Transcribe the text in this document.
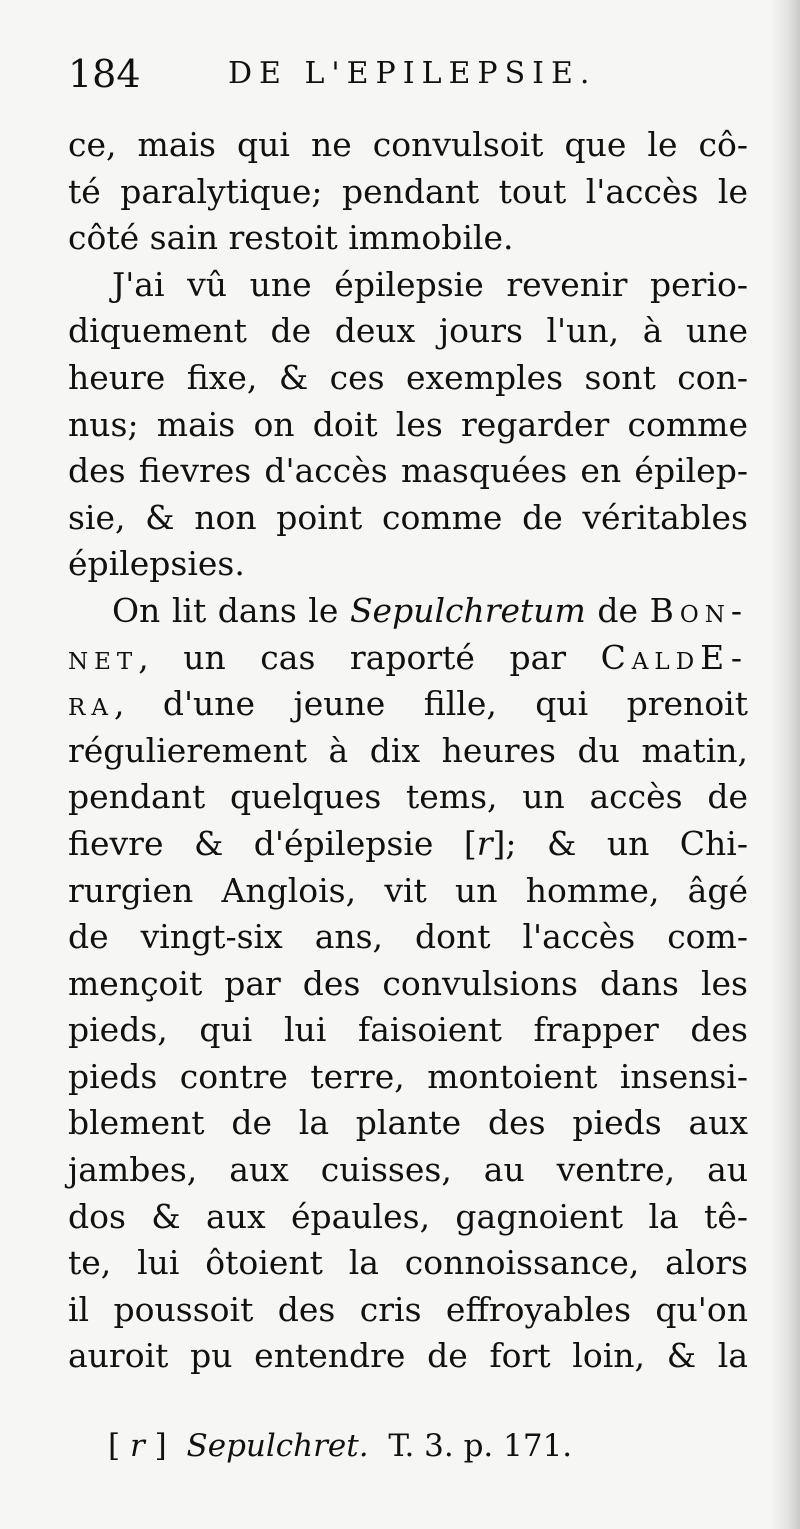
184	DE L'EPILEPSIE.
ce, mais qui ne convulsoit que le cô-
té paralytique; pendant tout l'accès le
côté sain restoit immobile.
J'ai vû une épilepsie revenir perio-
diquement de deux jours l'un, à une
heure fixe, & ces exemples sont con-
nus; mais on doit les regarder comme
des fievres d'accès masquées en épilep-
sie, & non point comme de véritables
épilepsies.
On lit dans le Sepulchretum de Bon-
net, un cas raporté par CaldE-
ra, d'une jeune fille, qui prenoit
régulierement à dix heures du matin,
pendant quelques tems, un accès de
fievre & d'épilepsie [r]; & un Chi-
rurgien Anglois, vit un homme, âgé
de vingt-six ans, dont l'accès com-
mençoit par des convulsions dans les
pieds, qui lui faisoient frapper des
pieds contre terre, montoient insensi-
blement de la plante des pieds aux
jambes, aux cuisses, au ventre, au
dos & aux épaules, gagnoient la tê-
te, lui ôtoient la connoissance, alors
il poussoit des cris effroyables qu'on
auroit pu entendre de fort loin, & la
[ r ] Sepulchret. T. 3. p. 171.
